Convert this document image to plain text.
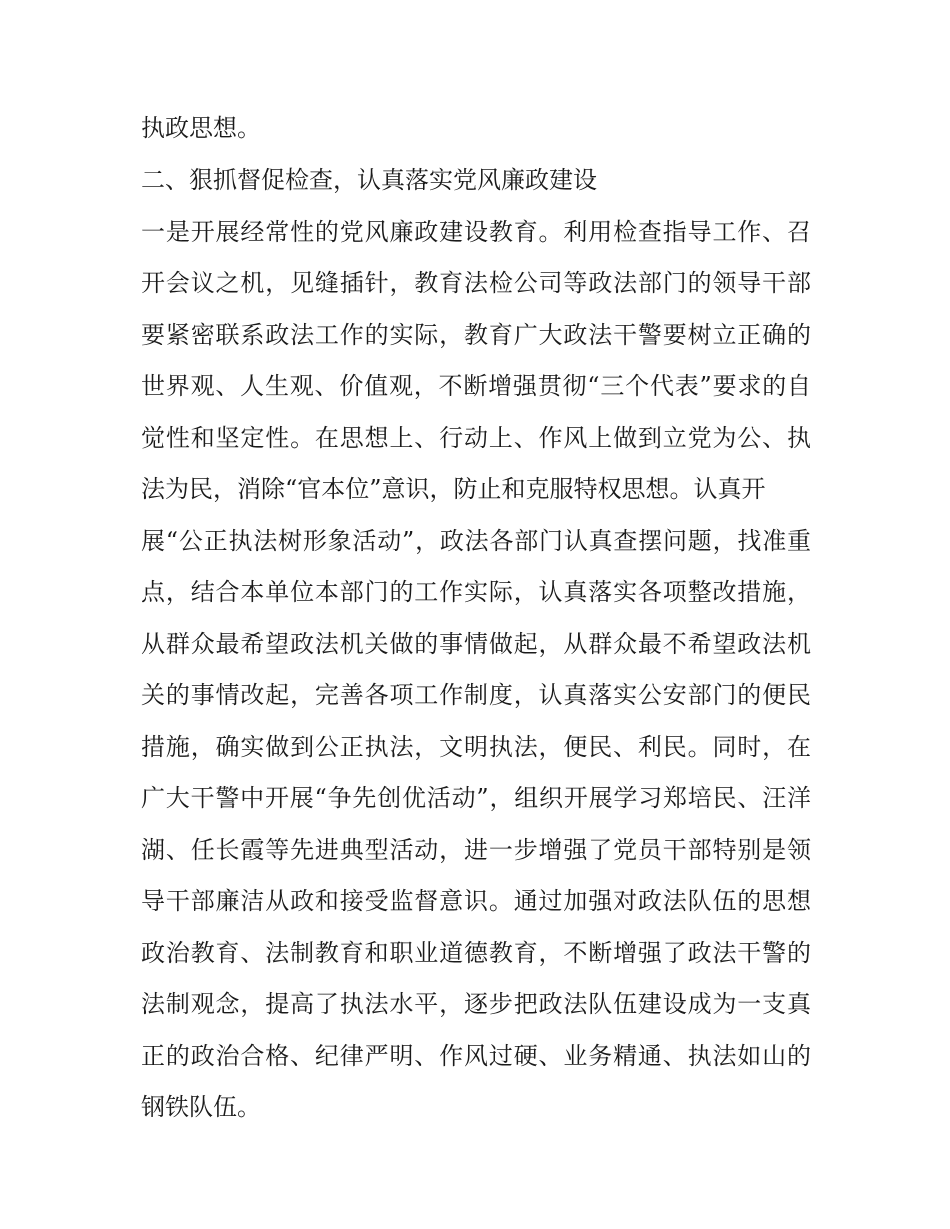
执政思想。
二、狠抓督促检查，认真落实党风廉政建设
一是开展经常性的党风廉政建设教育。利用检查指导工作、召
开会议之机，见缝插针，教育法检公司等政法部门的领导干部
要紧密联系政法工作的实际，教育广大政法干警要树立正确的
世界观、人生观、价值观，不断增强贯彻“三个代表”要求的自
觉性和坚定性。在思想上、行动上、作风上做到立党为公、执
法为民，消除“官本位”意识，防止和克服特权思想。认真开
展“公正执法树形象活动”，政法各部门认真查摆问题，找准重
点，结合本单位本部门的工作实际，认真落实各项整改措施，
从群众最希望政法机关做的事情做起，从群众最不希望政法机
关的事情改起，完善各项工作制度，认真落实公安部门的便民
措施，确实做到公正执法，文明执法，便民、利民。同时，在
广大干警中开展“争先创优活动”，组织开展学习郑培民、汪洋
湖、任长霞等先进典型活动，进一步增强了党员干部特别是领
导干部廉洁从政和接受监督意识。通过加强对政法队伍的思想
政治教育、法制教育和职业道德教育，不断增强了政法干警的
法制观念，提高了执法水平，逐步把政法队伍建设成为一支真
正的政治合格、纪律严明、作风过硬、业务精通、执法如山的
钢铁队伍。
